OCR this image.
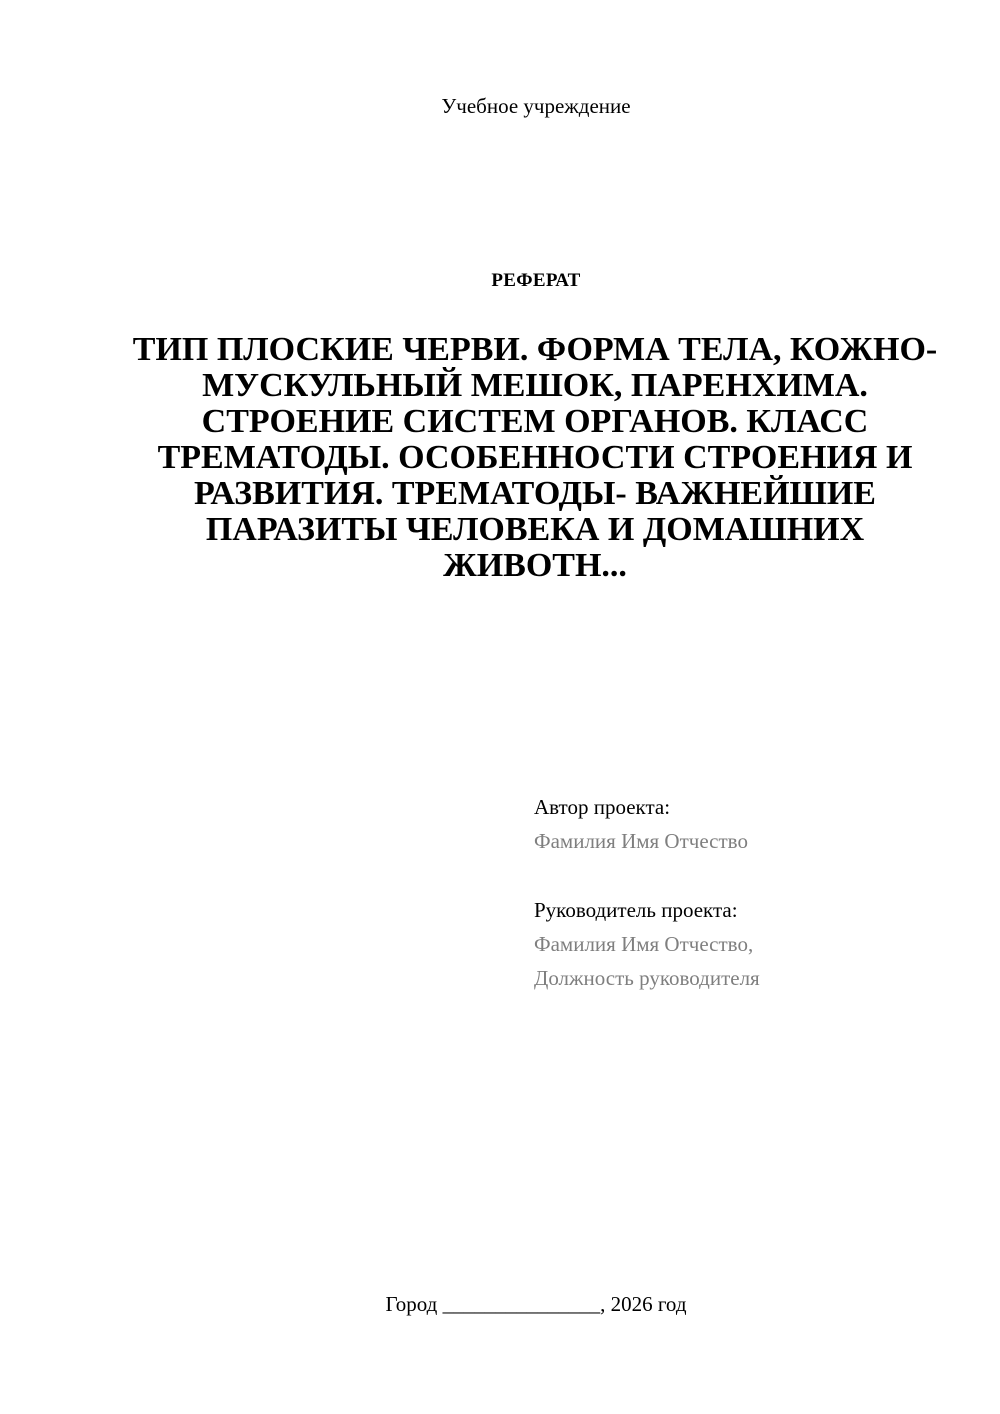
Учебное учреждение
РЕФЕРАТ
ТИП ПЛОСКИЕ ЧЕРВИ. ФОРМА ТЕЛА, КОЖНО-МУСКУЛЬНЫЙ МЕШОК, ПАРЕНХИМА. СТРОЕНИЕ СИСТЕМ ОРГАНОВ. КЛАСС ТРЕМАТОДЫ. ОСОБЕННОСТИ СТРОЕНИЯ И РАЗВИТИЯ. ТРЕМАТОДЫ- ВАЖНЕЙШИЕ ПАРАЗИТЫ ЧЕЛОВЕКА И ДОМАШНИХ ЖИВОТН...
Автор проекта:
Фамилия Имя Отчество
Руководитель проекта:
Фамилия Имя Отчество,
Должность руководителя
Город _______________, 2026 год
